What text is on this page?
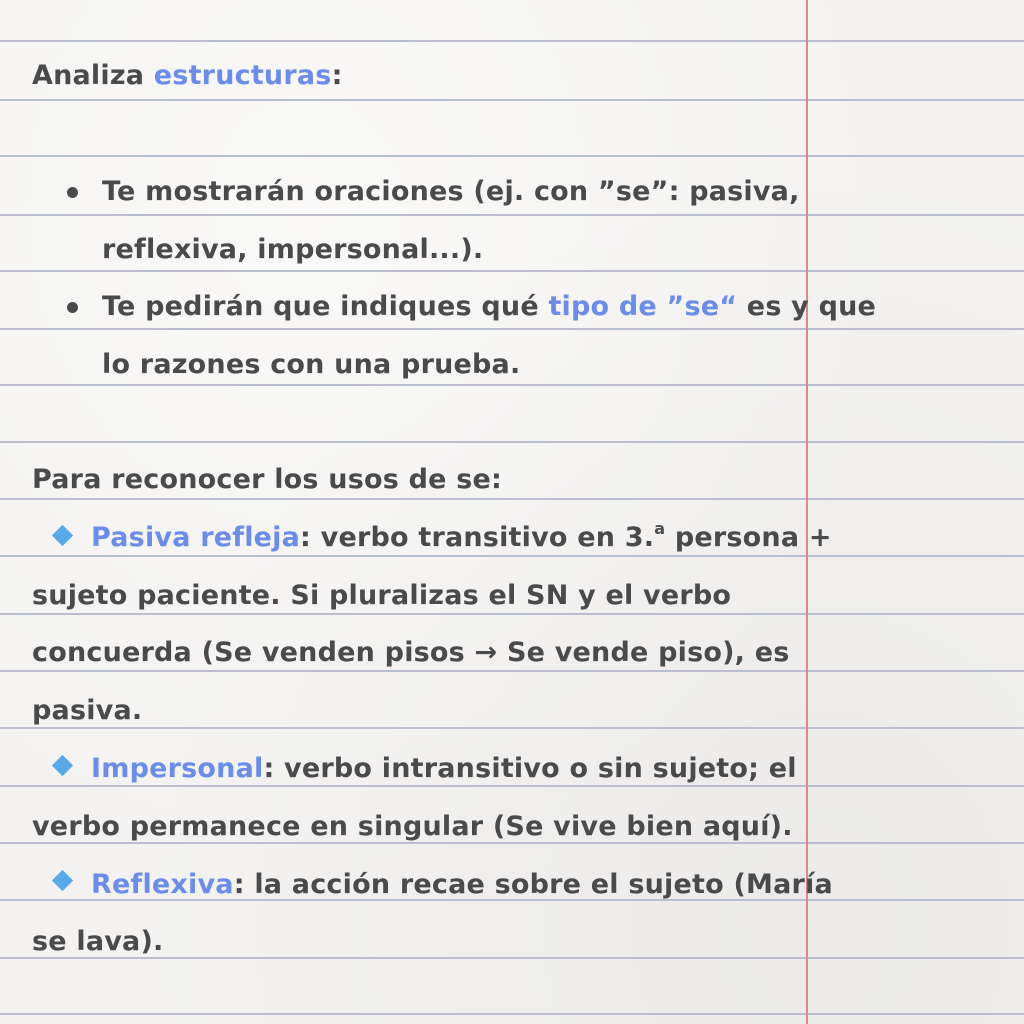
Analiza estructuras:
Te mostrarán oraciones (ej. con ”se”: pasiva,
reflexiva, impersonal...).
Te pedirán que indiques qué tipo de ”se“ es y que
lo razones con una prueba.
Para reconocer los usos de se:
Pasiva refleja: verbo transitivo en 3.$^a$ persona +
sujeto paciente. Si pluralizas el SN y el verbo
concuerda (Se venden pisos → Se vende piso), es
pasiva.
Impersonal: verbo intransitivo o sin sujeto; el
verbo permanece en singular (Se vive bien aquí).
Reflexiva: la acción recae sobre el sujeto (María
se lava).
